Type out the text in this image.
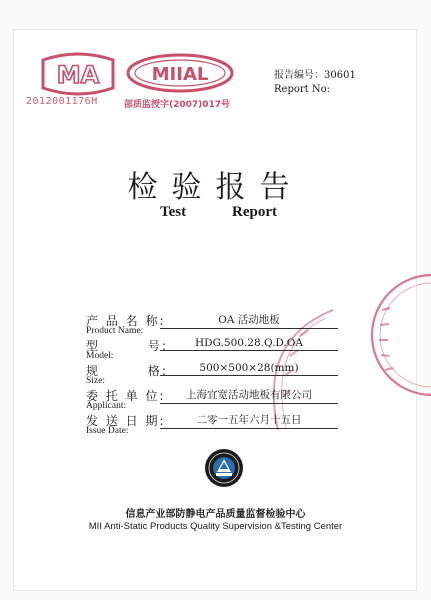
MA
2012001176H
MIIAL
部质监授字(2007)017号
报告编号：30601
Report No:
检验报告
Test	Report
产 品 名 称:
Product Name:
OA 活动地板
型　　　 号:
Model:
HDG.500.28.Q.D.OA
规　　　 格:
Size:
500×500×28(mm)
委 托 单 位:
Applicant:
上海宜宽活动地板有限公司
发 送 日 期:
Issue Date:
二零一五年六月十五日
信息产业部防静电产品质量监督检验中心
MII Anti-Static Products Quality Supervision &Testing Center
